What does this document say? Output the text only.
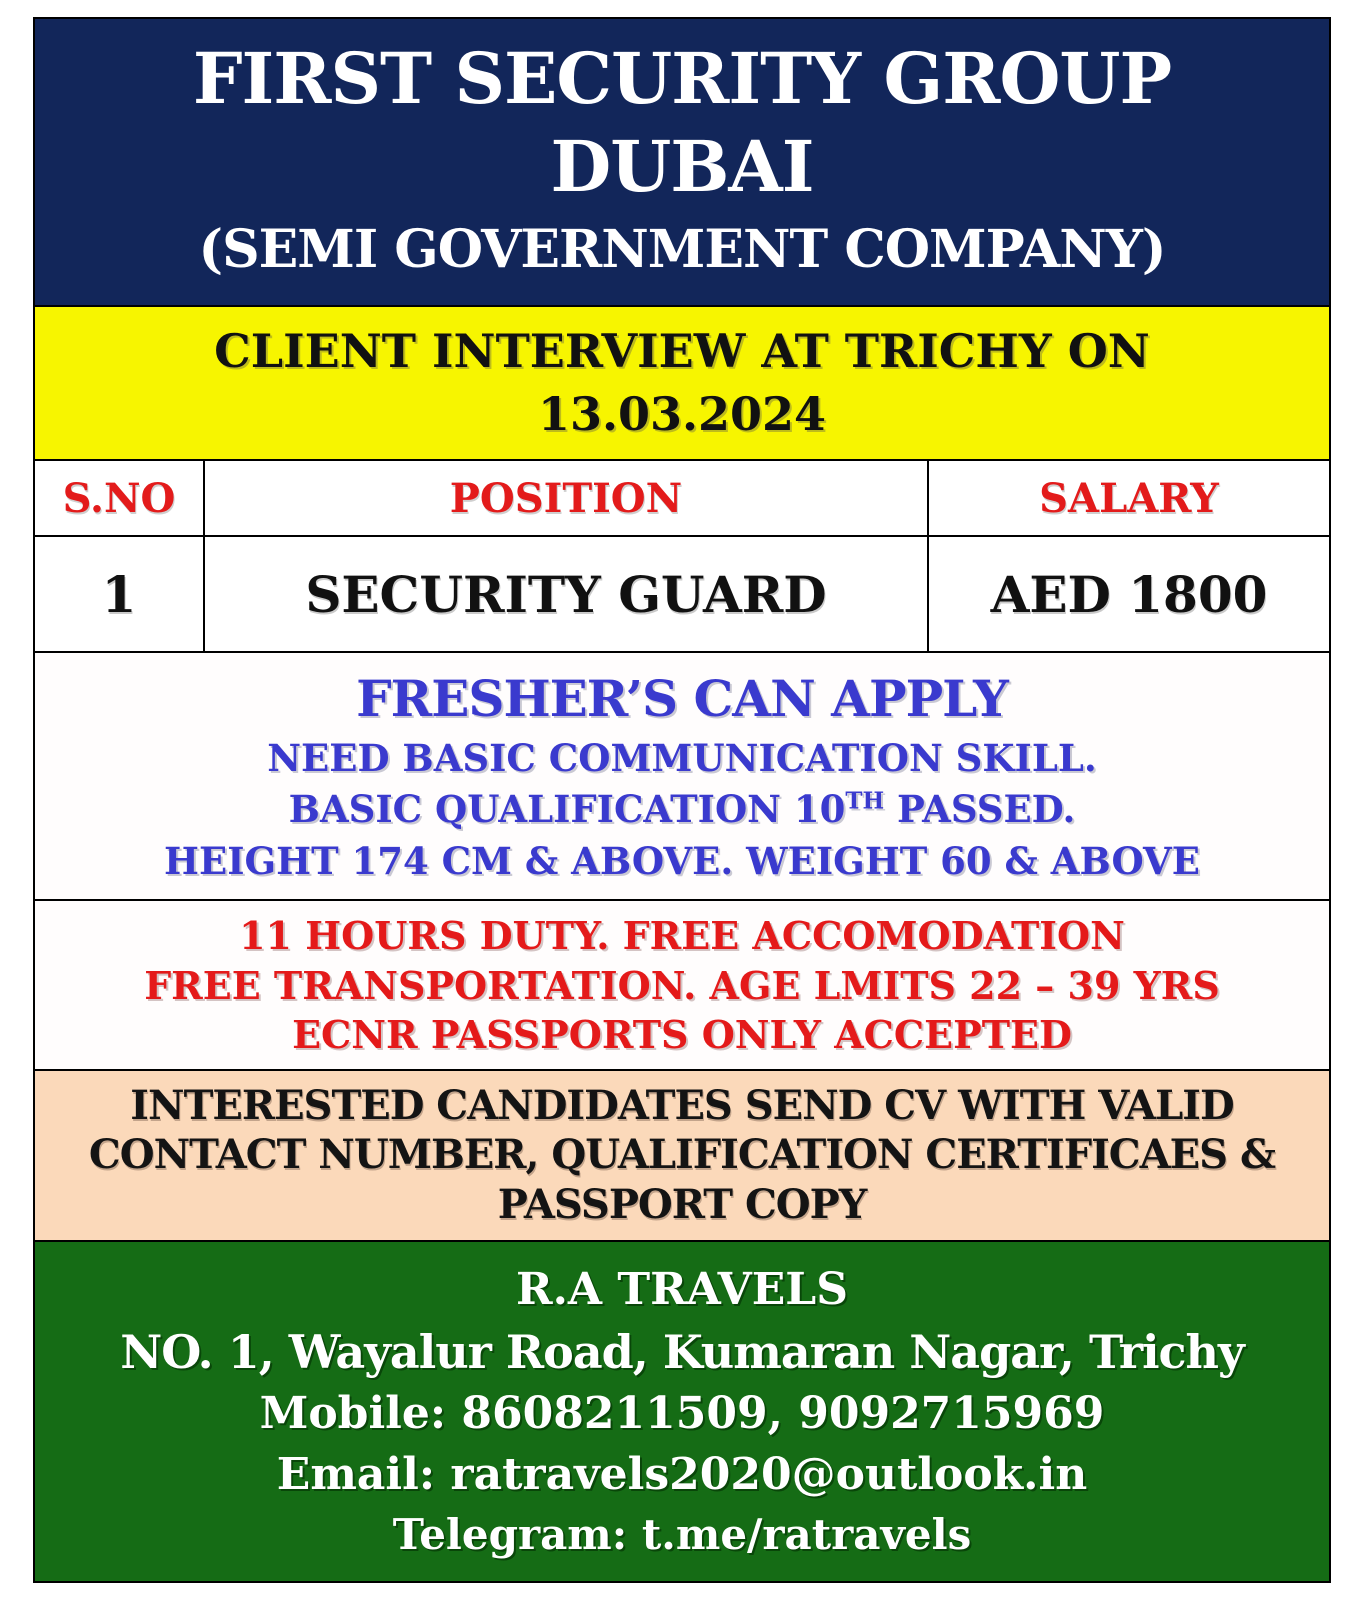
FIRST SECURITY GROUP
DUBAI
(SEMI GOVERNMENT COMPANY)
CLIENT INTERVIEW AT TRICHY ON
13.03.2024
S.NO	POSITION	SALARY
1	SECURITY GUARD	AED 1800
FRESHER’S CAN APPLY
NEED BASIC COMMUNICATION SKILL.
BASIC QUALIFICATION 10TH PASSED.
HEIGHT 174 CM & ABOVE. WEIGHT 60 & ABOVE
11 HOURS DUTY. FREE ACCOMODATION
FREE TRANSPORTATION. AGE LMITS 22 – 39 YRS
ECNR PASSPORTS ONLY ACCEPTED
INTERESTED CANDIDATES SEND CV WITH VALID
CONTACT NUMBER, QUALIFICATION CERTIFICAES &
PASSPORT COPY
R.A TRAVELS
NO. 1, Wayalur Road, Kumaran Nagar, Trichy
Mobile: 8608211509, 9092715969
Email: ratravels2020@outlook.in
Telegram: t.me/ratravels
